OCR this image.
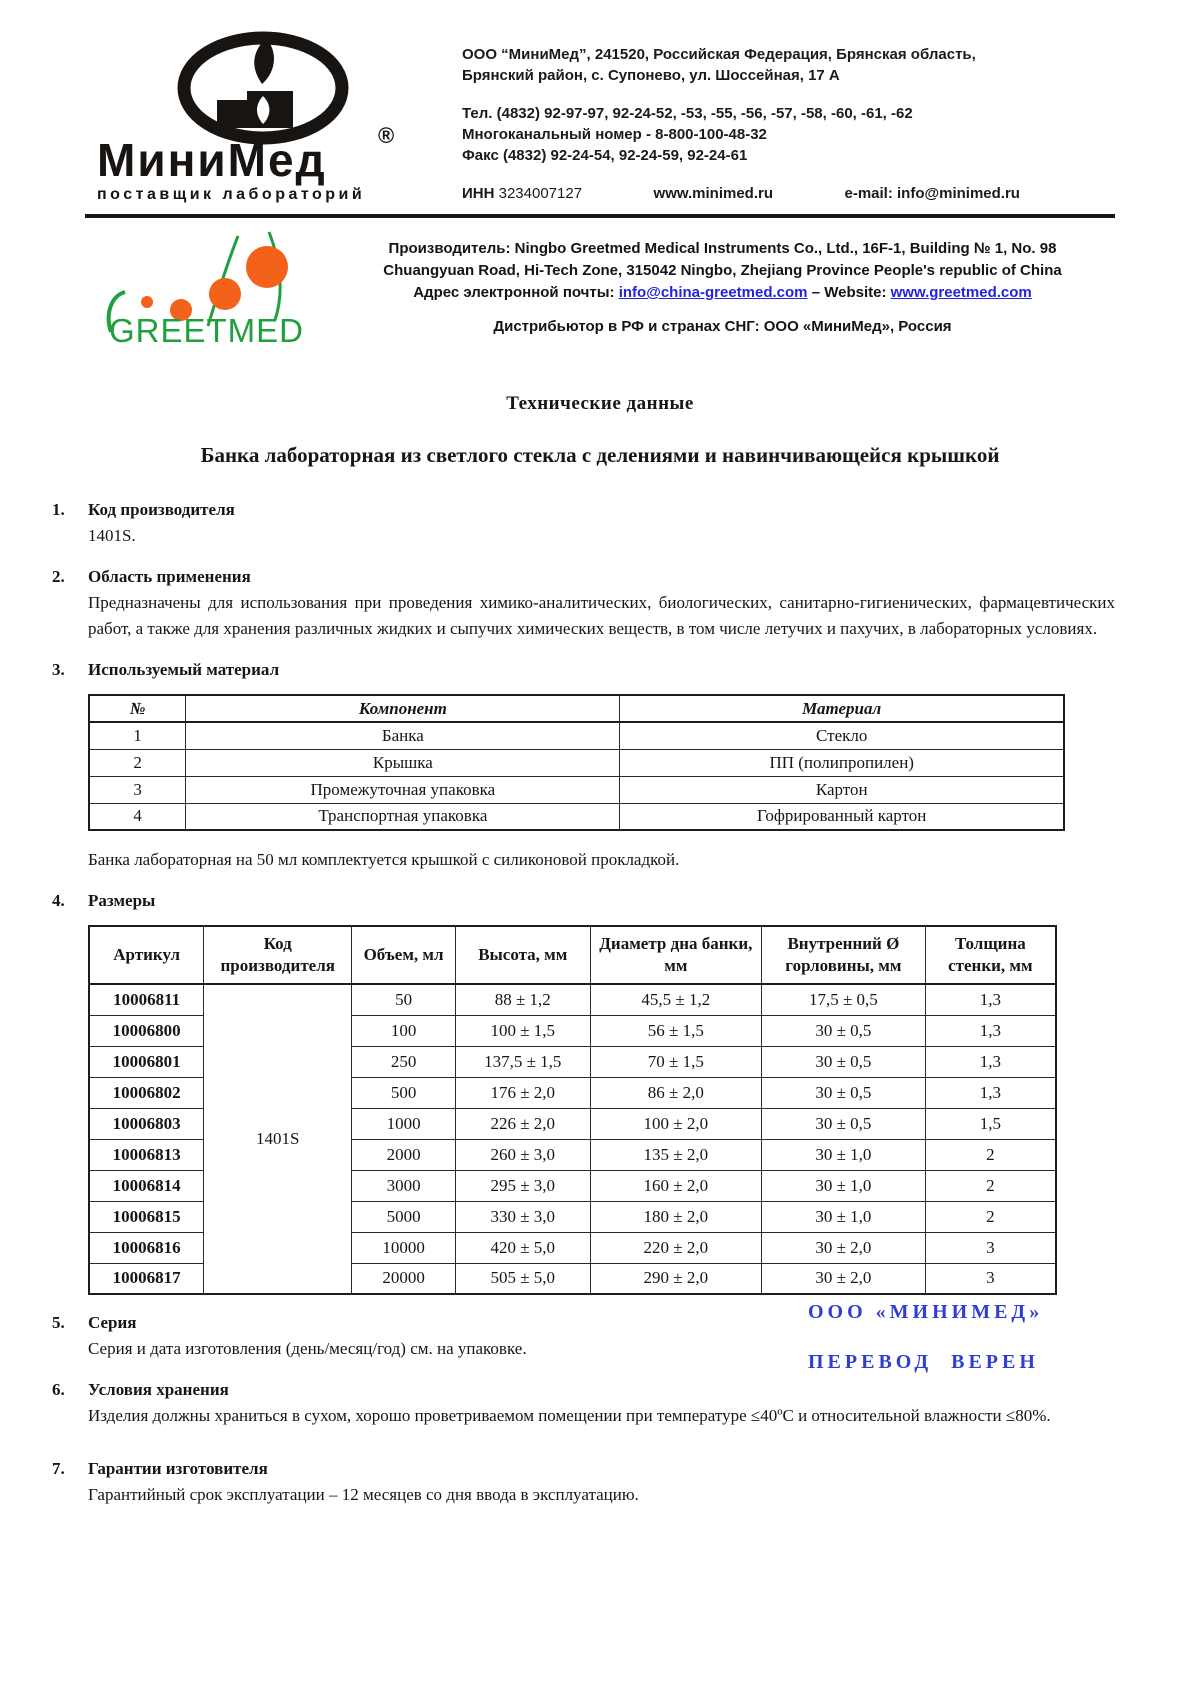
МиниМед ®
поставщик лабораторий

ООО “МиниМед”, 241520, Российская Федерация, Брянская область,

Брянский район, с. Супонево, ул. Шоссейная, 17 А

Тел. (4832) 92-97-97, 92-24-52, -53, -55, -56, -57, -58, -60, -61, -62

Многоканальный номер - 8-800-100-48-32

Факс (4832) 92-24-54, 92-24-59, 92-24-61

ИНН 3234007127	www.minimed.ru	e-mail: info@minimed.ru
GREETMED

Производитель: Ningbo Greetmed Medical Instruments Co., Ltd., 16F-1, Building № 1, No. 98

Chuangyuan Road, Hi-Tech Zone, 315042 Ningbo, Zhejiang Province People's republic of China

Адрес электронной почты: info@china-greetmed.com – Website: www.greetmed.com

Дистрибьютор в РФ и странах СНГ: ООО «МиниМед», Россия

Технические данные
Банка лабораторная из светлого стекла с делениями и навинчивающейся крышкой
1.	Код производителя
1401S.
2.	Область применения
Предназначены для использования при проведения химико-аналитических, биологических, санитарно-гигиенических, фармацевтических работ, а также для хранения различных жидких и сыпучих химических веществ, в том числе летучих и пахучих, в лабораторных условиях.
3.	Используемый материал
№	Компонент	Материал
1	Банка	Стекло
2	Крышка	ПП (полипропилен)
3	Промежуточная упаковка	Картон
4	Транспортная упаковка	Гофрированный картон
Банка лабораторная на 50 мл комплектуется крышкой с силиконовой прокладкой.
4.	Размеры
Артикул	Код производителя	Объем, мл	Высота, мм	Диаметр дна банки, мм	Внутренний Ø горловины, мм	Толщина стенки, мм
10006811	1401S	50	88 ± 1,2	45,5 ± 1,2	17,5 ± 0,5	1,3
10006800		100	100 ± 1,5	56 ± 1,5	30 ± 0,5	1,3
10006801		250	137,5 ± 1,5	70 ± 1,5	30 ± 0,5	1,3
10006802		500	176 ± 2,0	86 ± 2,0	30 ± 0,5	1,3
10006803		1000	226 ± 2,0	100 ± 2,0	30 ± 0,5	1,5
10006813		2000	260 ± 3,0	135 ± 2,0	30 ± 1,0	2
10006814		3000	295 ± 3,0	160 ± 2,0	30 ± 1,0	2
10006815		5000	330 ± 3,0	180 ± 2,0	30 ± 1,0	2
10006816		10000	420 ± 5,0	220 ± 2,0	30 ± 2,0	3
10006817		20000	505 ± 5,0	290 ± 2,0	30 ± 2,0	3
5.	Серия
Серия и дата изготовления (день/месяц/год) см. на упаковке.
6.	Условия хранения
Изделия должны храниться в сухом, хорошо проветриваемом помещении при температуре ≤40ºС и относительной влажности ≤80%.
7.	Гарантии изготовителя
Гарантийный срок эксплуатации – 12 месяцев со дня ввода в эксплуатацию.
ООО «МИНИМЕД»
ПЕРЕВОД ВЕРЕН
